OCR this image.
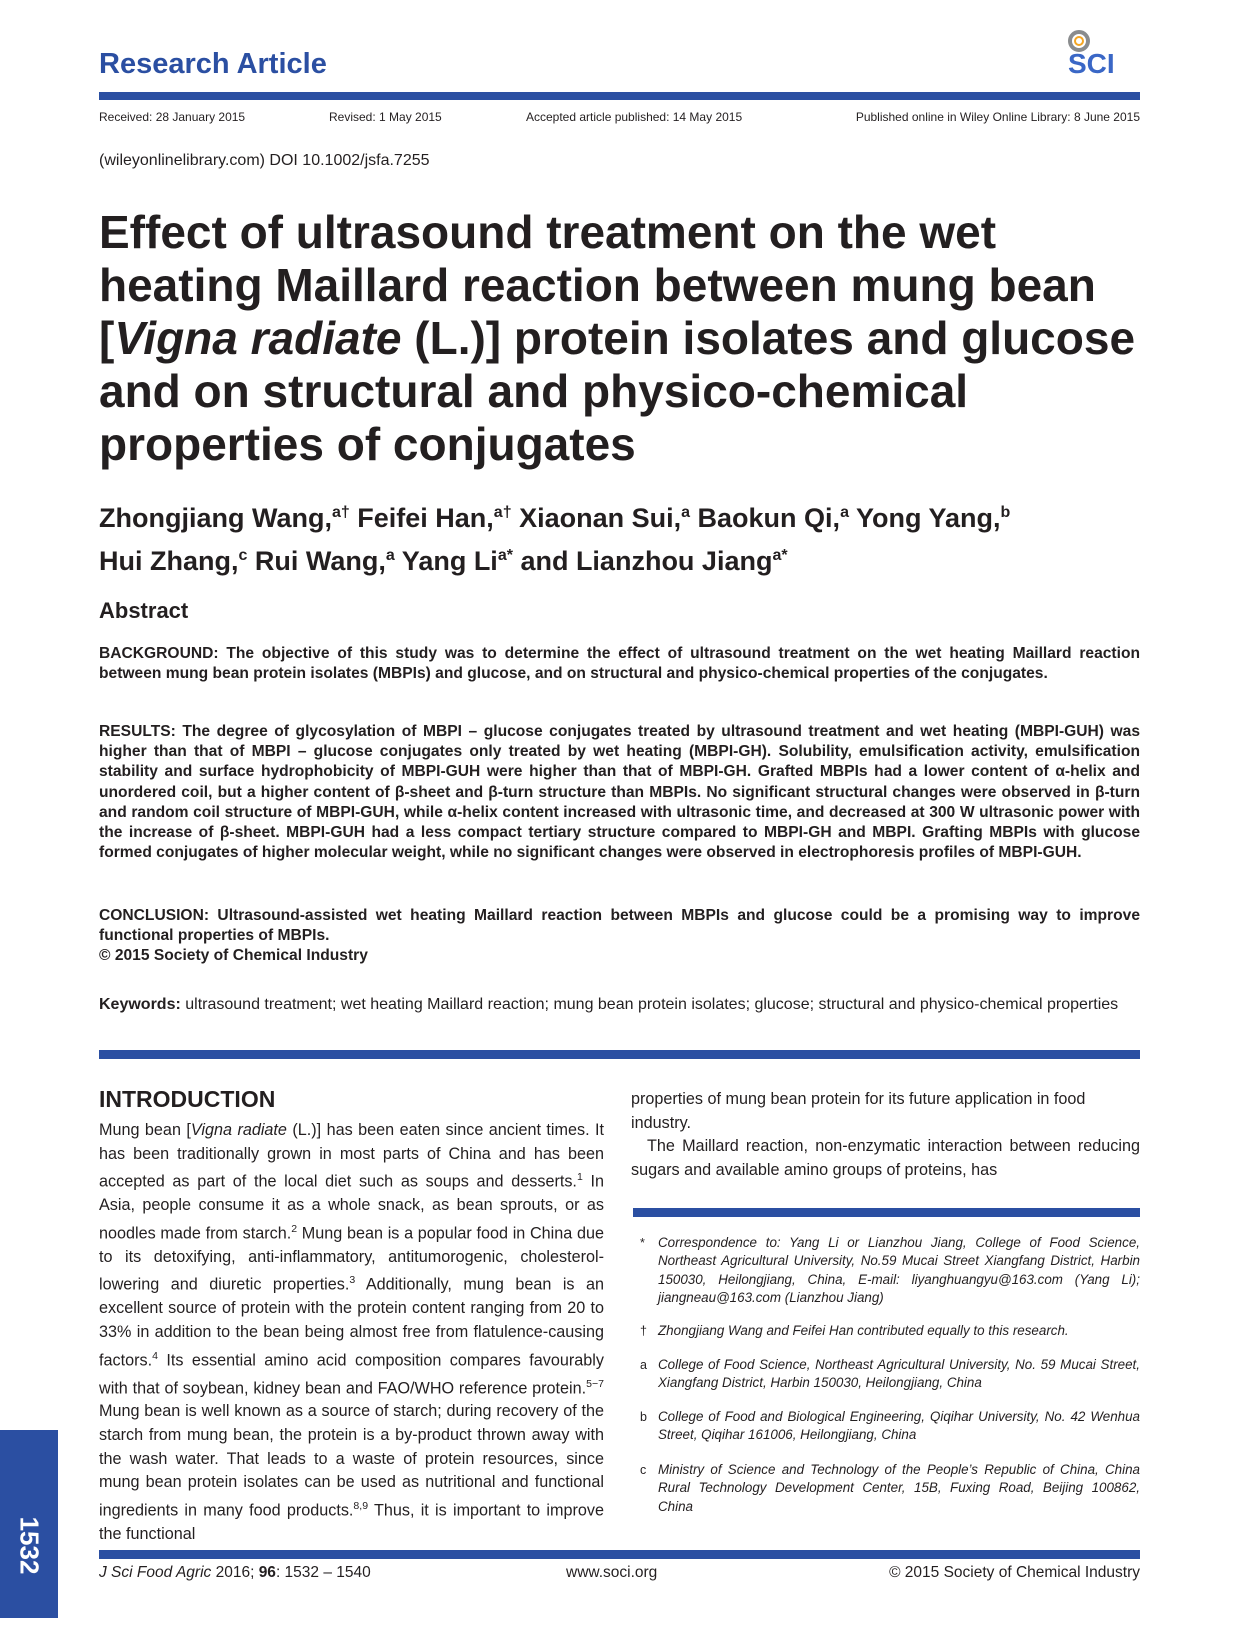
Research Article	SCI
Received: 28 January 2015	Revised: 1 May 2015	Accepted article published: 14 May 2015	Published online in Wiley Online Library: 8 June 2015
(wileyonlinelibrary.com) DOI 10.1002/jsfa.7255
Effect of ultrasound treatment on the wet
heating Maillard reaction between mung bean
[Vigna radiate (L.)] protein isolates and glucose
and on structural and physico-chemical
properties of conjugates
Zhongjiang Wang,$^{a\dagger}$ Feifei Han,$^{a\dagger}$ Xiaonan Sui,$^a$ Baokun Qi,$^a$ Yong Yang,$^b$
Hui Zhang,$^c$ Rui Wang,$^a$ Yang $Li^{a*}$ and Lianzhou Jiang$^{a*}$
Abstract

BACKGROUND: The objective of this study was to determine the effect of ultrasound treatment on the wet heating Maillard reaction between mung bean protein isolates (MBPIs) and glucose, and on structural and physico-chemical properties of the conjugates.

RESULTS: The degree of glycosylation of MBPI – glucose conjugates treated by ultrasound treatment and wet heating (MBPI-GUH) was higher than that of MBPI – glucose conjugates only treated by wet heating (MBPI-GH). Solubility, emulsification activity, emulsification stability and surface hydrophobicity of MBPI-GUH were higher than that of MBPI-GH. Grafted MBPIs had a lower content of α-helix and unordered coil, but a higher content of β-sheet and β-turn structure than MBPIs. No significant structural changes were observed in β-turn and random coil structure of MBPI-GUH, while α-helix content increased with ultrasonic time, and decreased at 300 W ultrasonic power with the increase of β-sheet. MBPI-GUH had a less compact tertiary structure compared to MBPI-GH and MBPI. Grafting MBPIs with glucose formed conjugates of higher molecular weight, while no significant changes were observed in electrophoresis profiles of MBPI-GUH.

CONCLUSION: Ultrasound-assisted wet heating Maillard reaction between MBPIs and glucose could be a promising way to improve functional properties of MBPIs.
© 2015 Society of Chemical Industry

Keywords: ultrasound treatment; wet heating Maillard reaction; mung bean protein isolates; glucose; structural and physico-chemical properties
INTRODUCTION

Mung bean [Vigna radiate (L.)] has been eaten since ancient times. It has been traditionally grown in most parts of China and has been accepted as part of the local diet such as soups and desserts.$^1$ In Asia, people consume it as a whole snack, as bean sprouts, or as noodles made from starch.$^2$ Mung bean is a popular food in China due to its detoxifying, anti-inflammatory, antitumorogenic, cholesterol-lowering and diuretic properties.$^3$ Additionally, mung bean is an excellent source of protein with the protein content ranging from 20 to 33% in addition to the bean being almost free from flatulence-causing factors.$^4$ Its essential amino acid composition compares favourably with that of soybean, kidney bean and FAO/WHO reference protein.$^{5-7}$ Mung bean is well known as a source of starch; during recovery of the starch from mung bean, the protein is a by-product thrown away with the wash water. That leads to a waste of protein resources, since mung bean protein isolates can be used as nutritional and functional ingredients in many food products.$^{8,9}$ Thus, it is important to improve the functional

properties of mung bean protein for its future application in food industry.

The Maillard reaction, non-enzymatic interaction between reducing sugars and available amino groups of proteins, has

* Correspondence to: Yang Li or Lianzhou Jiang, College of Food Science, Northeast Agricultural University, No.59 Mucai Street Xiangfang District, Harbin 150030, Heilongjiang, China, E-mail: liyanghuangyu@163.com (Yang Li); jiangneau@163.com (Lianzhou Jiang)
† Zhongjiang Wang and Feifei Han contributed equally to this research.
a College of Food Science, Northeast Agricultural University, No. 59 Mucai Street, Xiangfang District, Harbin 150030, Heilongjiang, China
b College of Food and Biological Engineering, Qiqihar University, No. 42 Wenhua Street, Qiqihar 161006, Heilongjiang, China
c Ministry of Science and Technology of the People’s Republic of China, China Rural Technology Development Center, 15B, Fuxing Road, Beijing 100862, China
1532	J Sci Food Agric 2016; 96: 1532 – 1540	www.soci.org	© 2015 Society of Chemical Industry
